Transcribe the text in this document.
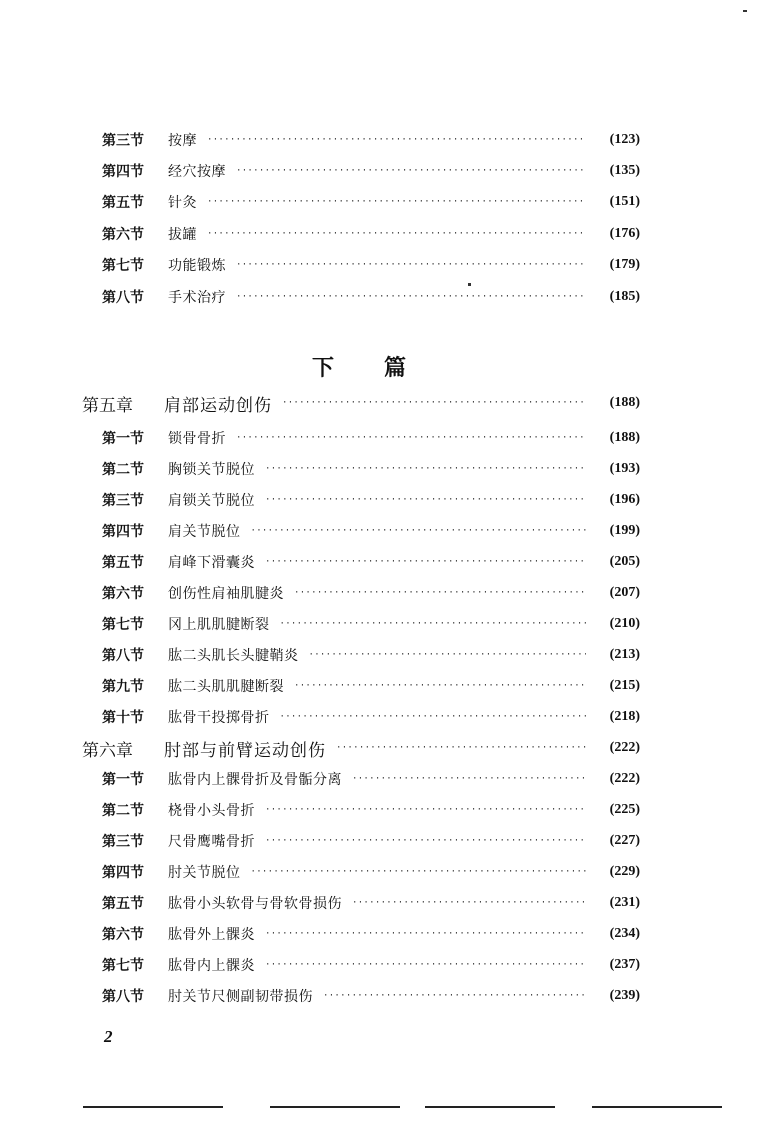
第三节	按摩 ·····	(123)
第四节	经穴按摩 ·····	(135)
第五节	针灸 ·····	(151)
第六节	拔罐 ·····	(176)
第七节	功能锻炼 ·····	(179)
第八节	手术治疗 ·····	(185)
下 篇
第五章	肩部运动创伤 ·····	(188)
第一节	锁骨骨折 ·····	(188)
第二节	胸锁关节脱位 ·····	(193)
第三节	肩锁关节脱位 ·····	(196)
第四节	肩关节脱位 ·····	(199)
第五节	肩峰下滑囊炎 ·····	(205)
第六节	创伤性肩袖肌腱炎 ·····	(207)
第七节	冈上肌肌腱断裂 ·····	(210)
第八节	肱二头肌长头腱鞘炎 ·····	(213)
第九节	肱二头肌肌腱断裂 ·····	(215)
第十节	肱骨干投掷骨折 ·····	(218)
第六章	肘部与前臂运动创伤 ·····	(222)
第一节	肱骨内上髁骨折及骨骺分离 ·····	(222)
第二节	桡骨小头骨折 ·····	(225)
第三节	尺骨鹰嘴骨折 ·····	(227)
第四节	肘关节脱位 ·····	(229)
第五节	肱骨小头软骨与骨软骨损伤 ·····	(231)
第六节	肱骨外上髁炎 ·····	(234)
第七节	肱骨内上髁炎 ·····	(237)
第八节	肘关节尺侧副韧带损伤 ·····	(239)
2
